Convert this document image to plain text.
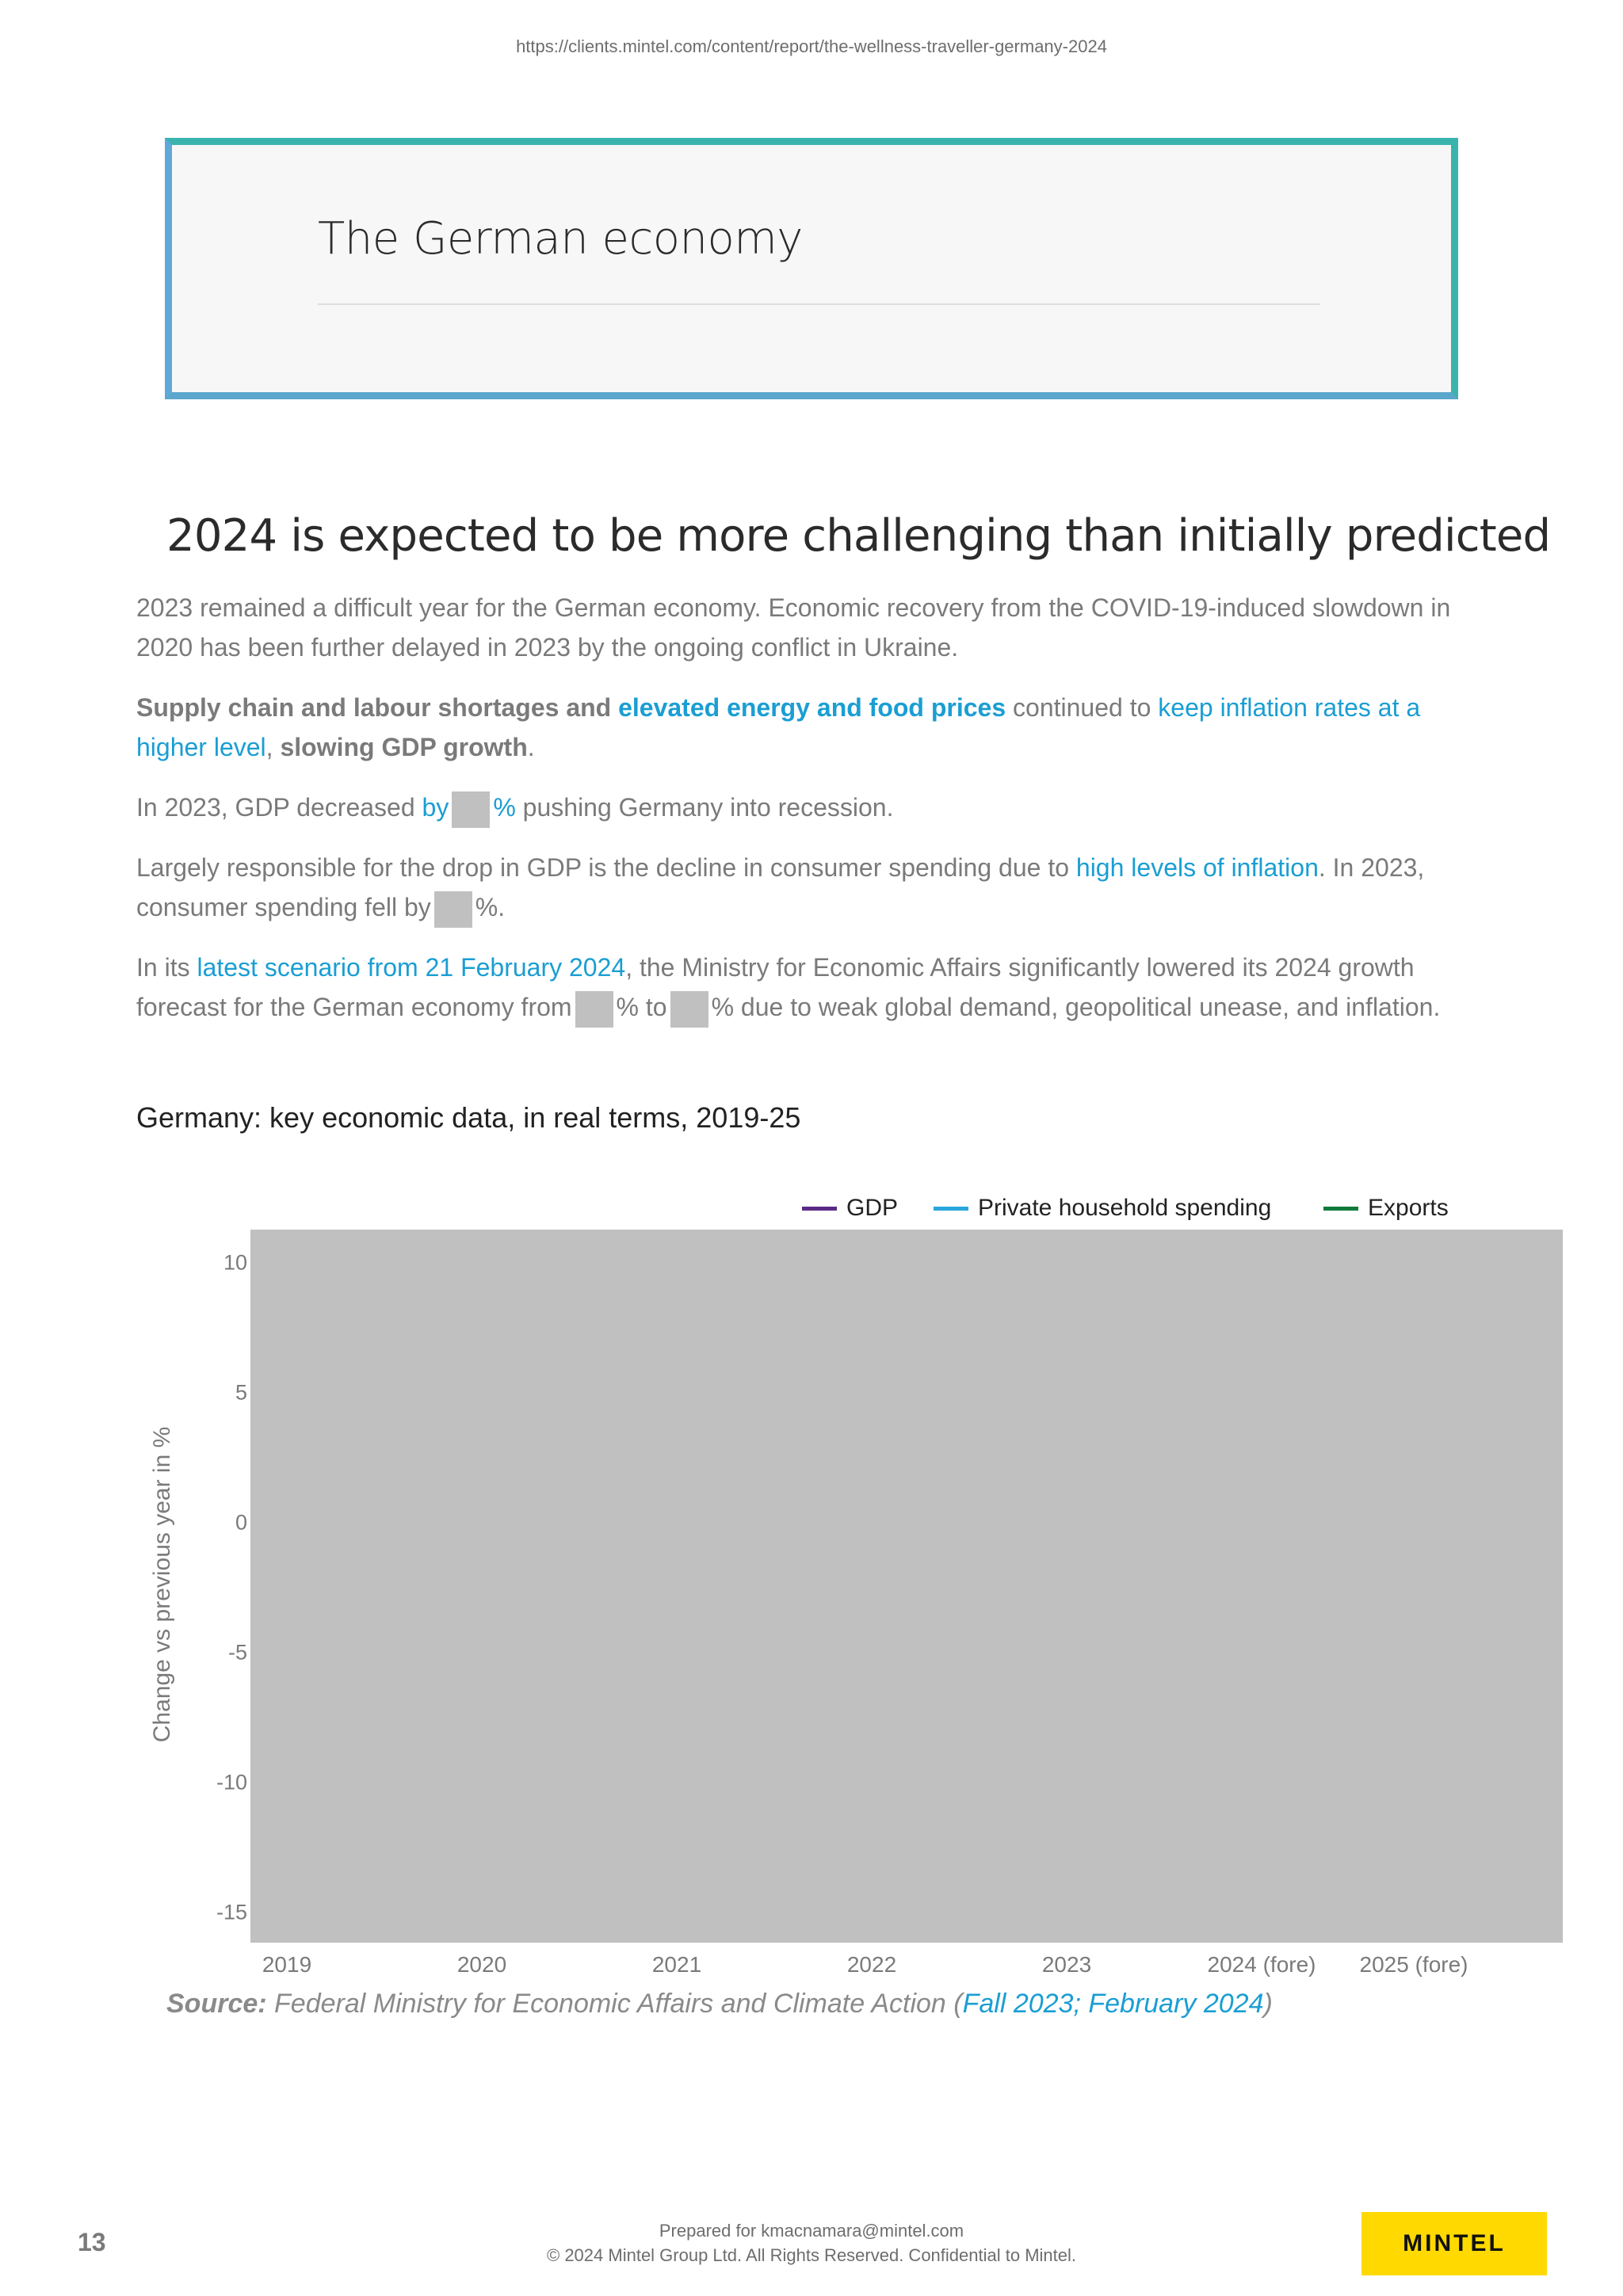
https://clients.mintel.com/content/report/the-wellness-traveller-germany-2024
The German economy
2024 is expected to be more challenging than initially predicted
2023 remained a difficult year for the German economy. Economic recovery from the COVID-19-induced slowdown in 2020 has been further delayed in 2023 by the ongoing conflict in Ukraine.
Supply chain and labour shortages and elevated energy and food prices continued to keep inflation rates at a higher level, slowing GDP growth.
In 2023, GDP decreased by % pushing Germany into recession.
Largely responsible for the drop in GDP is the decline in consumer spending due to high levels of inflation. In 2023, consumer spending fell by %.
In its latest scenario from 21 February 2024, the Ministry for Economic Affairs significantly lowered its 2024 growth forecast for the German economy from % to % due to weak global demand, geopolitical unease, and inflation.
Germany: key economic data, in real terms, 2019-25
GDP	Private household spending	Exports
Change vs previous year in %
10
5
0
-5
-10
-15
2019	2020	2021	2022	2023	2024 (fore) 2025 (fore)
Source: Federal Ministry for Economic Affairs and Climate Action (Fall 2023; February 2024)
13	Prepared for kmacnamara@mintel.com
© 2024 Mintel Group Ltd. All Rights Reserved. Confidential to Mintel.	MINTEL
